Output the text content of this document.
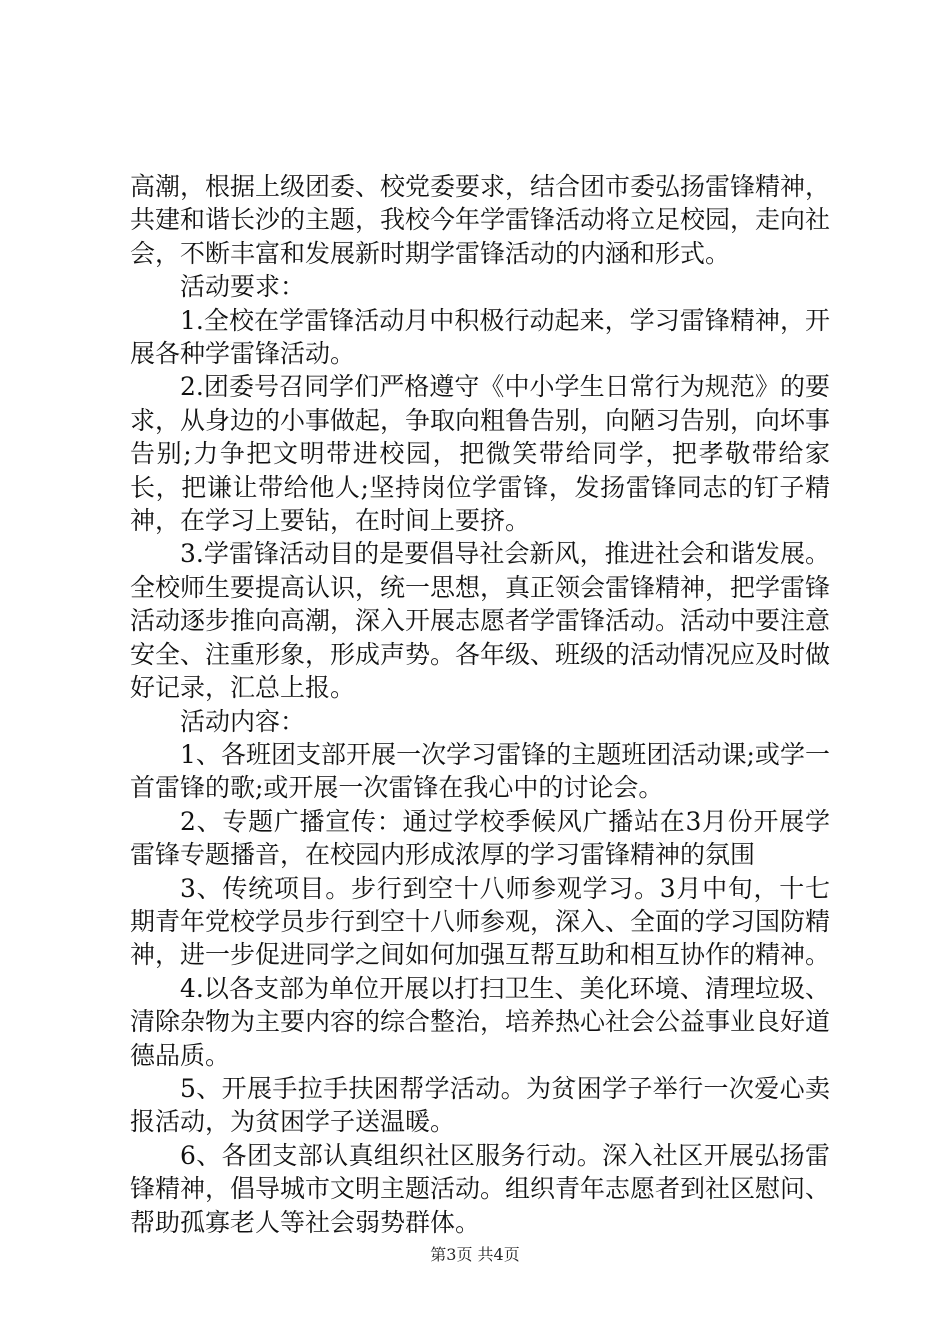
高潮，根据上级团委、校党委要求，结合团市委弘扬雷锋精神，共建和谐长沙的主题，我校今年学雷锋活动将立足校园，走向社会，不断丰富和发展新时期学雷锋活动的内涵和形式。

活动要求：

1.全校在学雷锋活动月中积极行动起来，学习雷锋精神，开展各种学雷锋活动。

2.团委号召同学们严格遵守《中小学生日常行为规范》的要求，从身边的小事做起，争取向粗鲁告别，向陋习告别，向坏事告别;力争把文明带进校园，把微笑带给同学，把孝敬带给家长，把谦让带给他人;坚持岗位学雷锋，发扬雷锋同志的钉子精神，在学习上要钻，在时间上要挤。

3.学雷锋活动目的是要倡导社会新风，推进社会和谐发展。全校师生要提高认识，统一思想，真正领会雷锋精神，把学雷锋活动逐步推向高潮，深入开展志愿者学雷锋活动。活动中要注意安全、注重形象，形成声势。各年级、班级的活动情况应及时做好记录，汇总上报。

活动内容：

1、各班团支部开展一次学习雷锋的主题班团活动课;或学一首雷锋的歌;或开展一次雷锋在我心中的讨论会。

2、专题广播宣传：通过学校季候风广播站在3月份开展学雷锋专题播音，在校园内形成浓厚的学习雷锋精神的氛围

3、传统项目。步行到空十八师参观学习。3月中旬，十七期青年党校学员步行到空十八师参观，深入、全面的学习国防精神，进一步促进同学之间如何加强互帮互助和相互协作的精神。

4.以各支部为单位开展以打扫卫生、美化环境、清理垃圾、清除杂物为主要内容的综合整治，培养热心社会公益事业良好道德品质。

5、开展手拉手扶困帮学活动。为贫困学子举行一次爱心卖报活动，为贫困学子送温暖。

6、各团支部认真组织社区服务行动。深入社区开展弘扬雷锋精神，倡导城市文明主题活动。组织青年志愿者到社区慰问、帮助孤寡老人等社会弱势群体。

第3页 共4页
